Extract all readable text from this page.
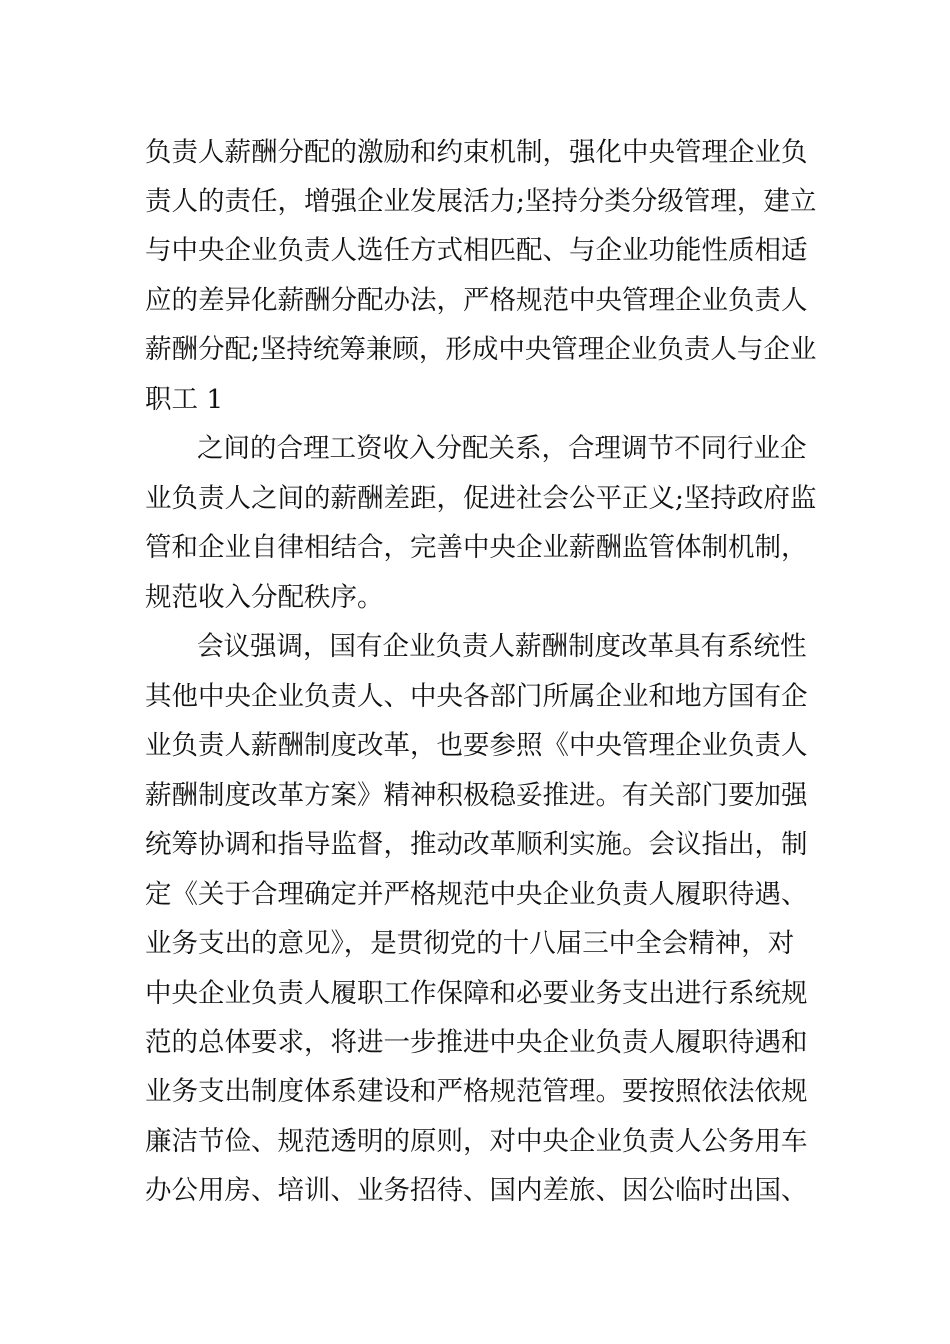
负责人薪酬分配的激励和约束机制，强化中央管理企业负
责人的责任，增强企业发展活力;坚持分类分级管理，建立
与中央企业负责人选任方式相匹配、与企业功能性质相适
应的差异化薪酬分配办法，严格规范中央管理企业负责人
薪酬分配;坚持统筹兼顾，形成中央管理企业负责人与企业
职工 1
之间的合理工资收入分配关系，合理调节不同行业企
业负责人之间的薪酬差距，促进社会公平正义;坚持政府监
管和企业自律相结合，完善中央企业薪酬监管体制机制，
规范收入分配秩序。
会议强调，国有企业负责人薪酬制度改革具有系统性
其他中央企业负责人、中央各部门所属企业和地方国有企
业负责人薪酬制度改革，也要参照《中央管理企业负责人
薪酬制度改革方案》精神积极稳妥推进。有关部门要加强
统筹协调和指导监督，推动改革顺利实施。会议指出，制
定《关于合理确定并严格规范中央企业负责人履职待遇、
业务支出的意见》，是贯彻党的十八届三中全会精神，对
中央企业负责人履职工作保障和必要业务支出进行系统规
范的总体要求，将进一步推进中央企业负责人履职待遇和
业务支出制度体系建设和严格规范管理。要按照依法依规
廉洁节俭、规范透明的原则，对中央企业负责人公务用车
办公用房、培训、业务招待、国内差旅、因公临时出国、
